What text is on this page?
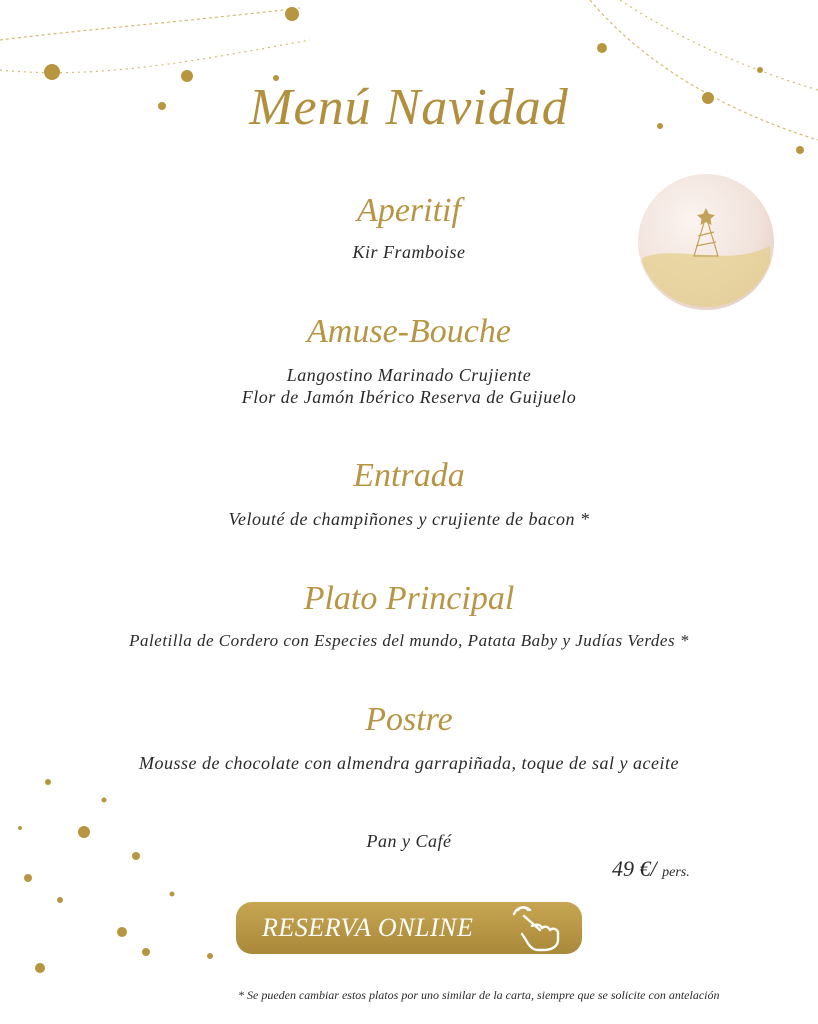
Menú Navidad
Aperitif
Kir Framboise
Amuse-Bouche
Langostino Marinado Crujiente
Flor de Jamón Ibérico Reserva de Guijuelo
Entrada
Velouté de champiñones y crujiente de bacon *
Plato Principal
Paletilla de Cordero con Especies del mundo, Patata Baby y Judías Verdes *
Postre
Mousse de chocolate con almendra garrapiñada, toque de sal y aceite
Pan y Café
49 €/ pers.
RESERVA ONLINE
* Se pueden cambiar estos platos por uno similar de la carta, siempre que se solicite con antelación
